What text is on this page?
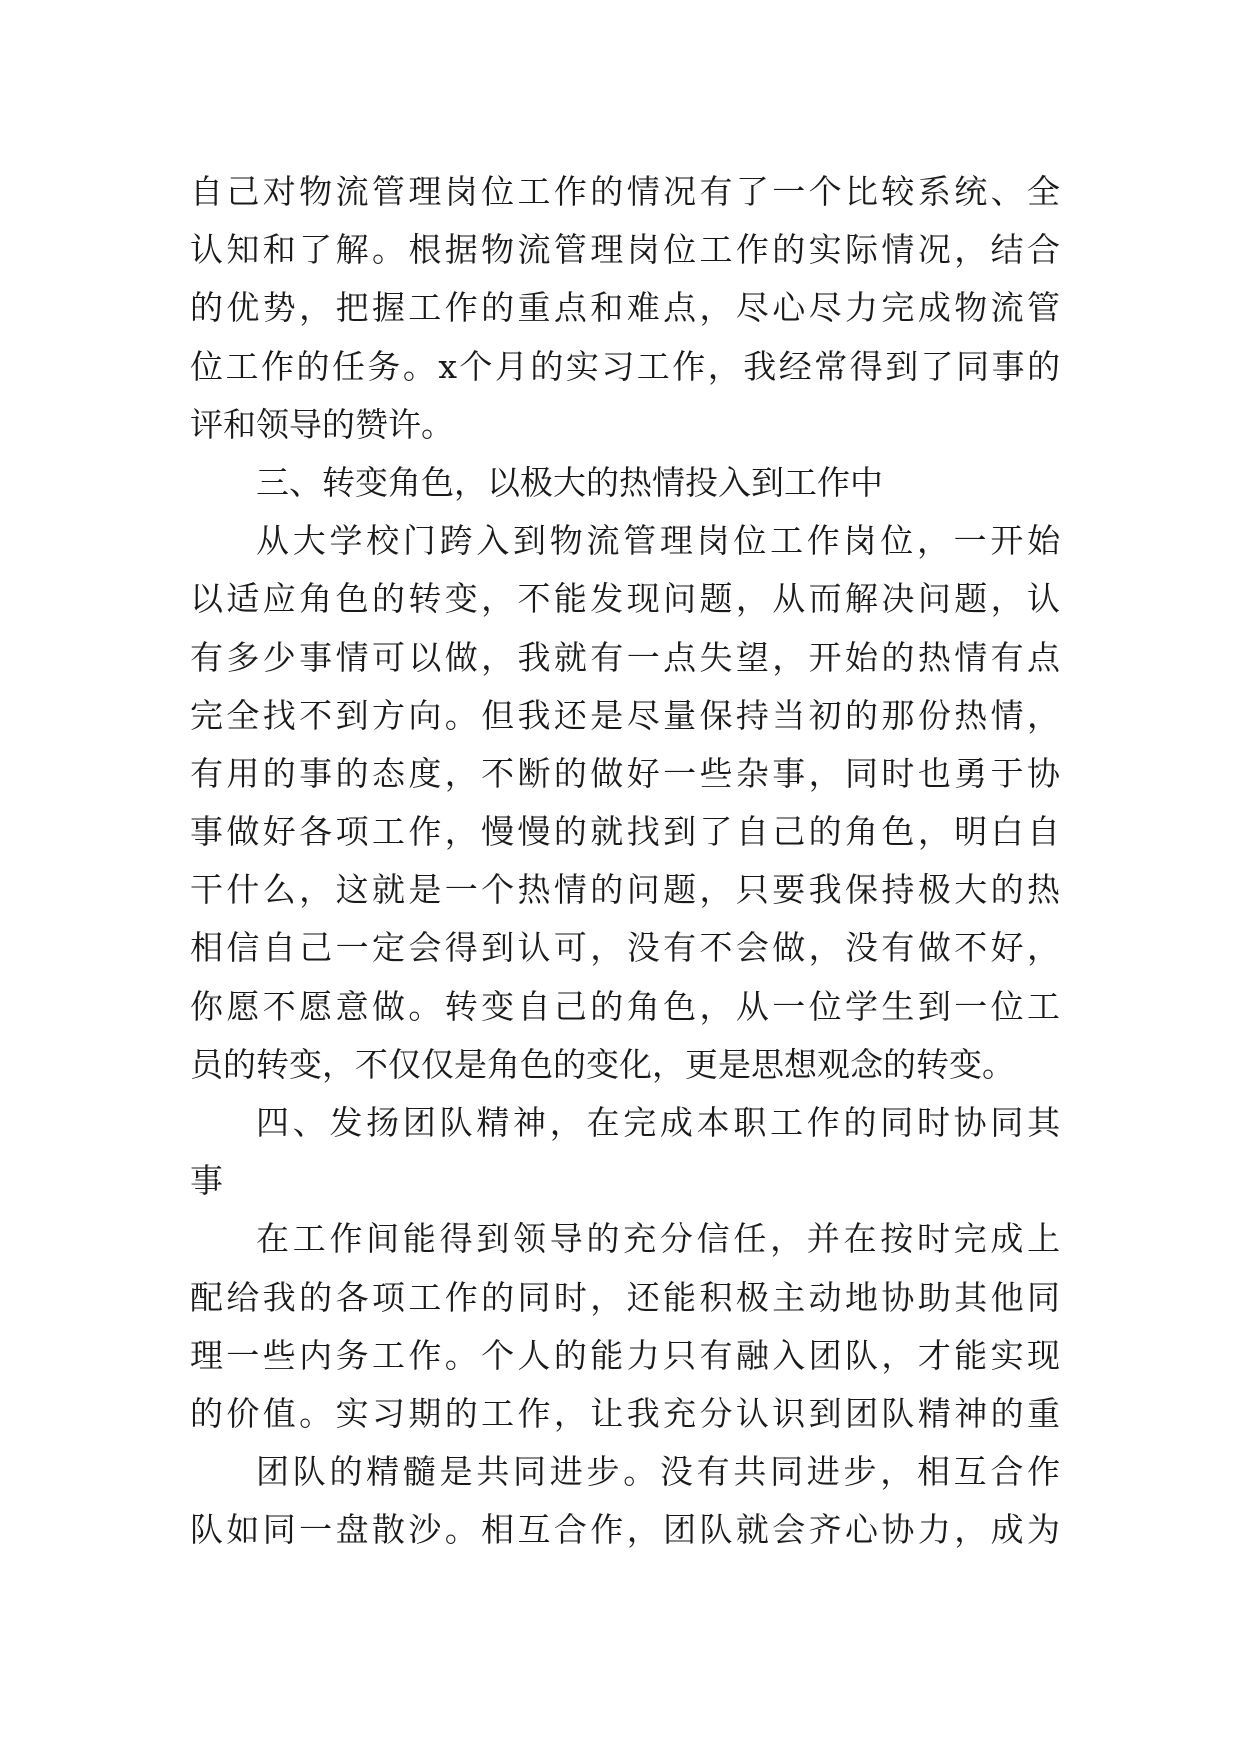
自 己 对 物 流 管 理 岗 位 工 作 的 情 况 有 了 一 个 比 较 系 统 、 全
认 知 和 了 解 。 根 据 物 流 管 理 岗 位 工 作 的 实 际 情 况 ， 结 合
的 优 势 ， 把 握 工 作 的 重 点 和 难 点 ， 尽 心 尽 力 完 成 物 流 管
位 工 作 的 任 务 。 x 个 月 的 实 习 工 作 ， 我 经 常 得 到 了 同 事 的
评和领导的赞许。
三、转变角色，以极大的热情投入到工作中
从 大 学 校 门 跨 入 到 物 流 管 理 岗 位 工 作 岗 位 ， 一 开 始
以 适 应 角 色 的 转 变 ， 不 能 发 现 问 题 ， 从 而 解 决 问 题 ， 认
有 多 少 事 情 可 以 做 ， 我 就 有 一 点 失 望 ， 开 始 的 热 情 有 点
完 全 找 不 到 方 向 。 但 我 还 是 尽 量 保 持 当 初 的 那 份 热 情 ，
有 用 的 事 的 态 度 ， 不 断 的 做 好 一 些 杂 事 ， 同 时 也 勇 于 协
事 做 好 各 项 工 作 ， 慢 慢 的 就 找 到 了 自 己 的 角 色 ， 明 白 自
干 什 么 ， 这 就 是 一 个 热 情 的 问 题 ， 只 要 我 保 持 极 大 的 热
相 信 自 己 一 定 会 得 到 认 可 ， 没 有 不 会 做 ， 没 有 做 不 好 ，
你 愿 不 愿 意 做 。 转 变 自 己 的 角 色 ， 从 一 位 学 生 到 一 位 工
员的转变，不仅仅是角色的变化，更是思想观念的转变。
四 、 发 扬 团 队 精 神 ， 在 完 成 本 职 工 作 的 同 时 协 同 其
事
在 工 作 间 能 得 到 领 导 的 充 分 信 任 ， 并 在 按 时 完 成 上
配 给 我 的 各 项 工 作 的 同 时 ， 还 能 积 极 主 动 地 协 助 其 他 同
理 一 些 内 务 工 作 。 个 人 的 能 力 只 有 融 入 团 队 ， 才 能 实 现
的 价 值 。 实 习 期 的 工 作 ， 让 我 充 分 认 识 到 团 队 精 神 的 重
团 队 的 精 髓 是 共 同 进 步 。 没 有 共 同 进 步 ， 相 互 合 作
队 如 同 一 盘 散 沙 。 相 互 合 作 ， 团 队 就 会 齐 心 协 力 ， 成 为
